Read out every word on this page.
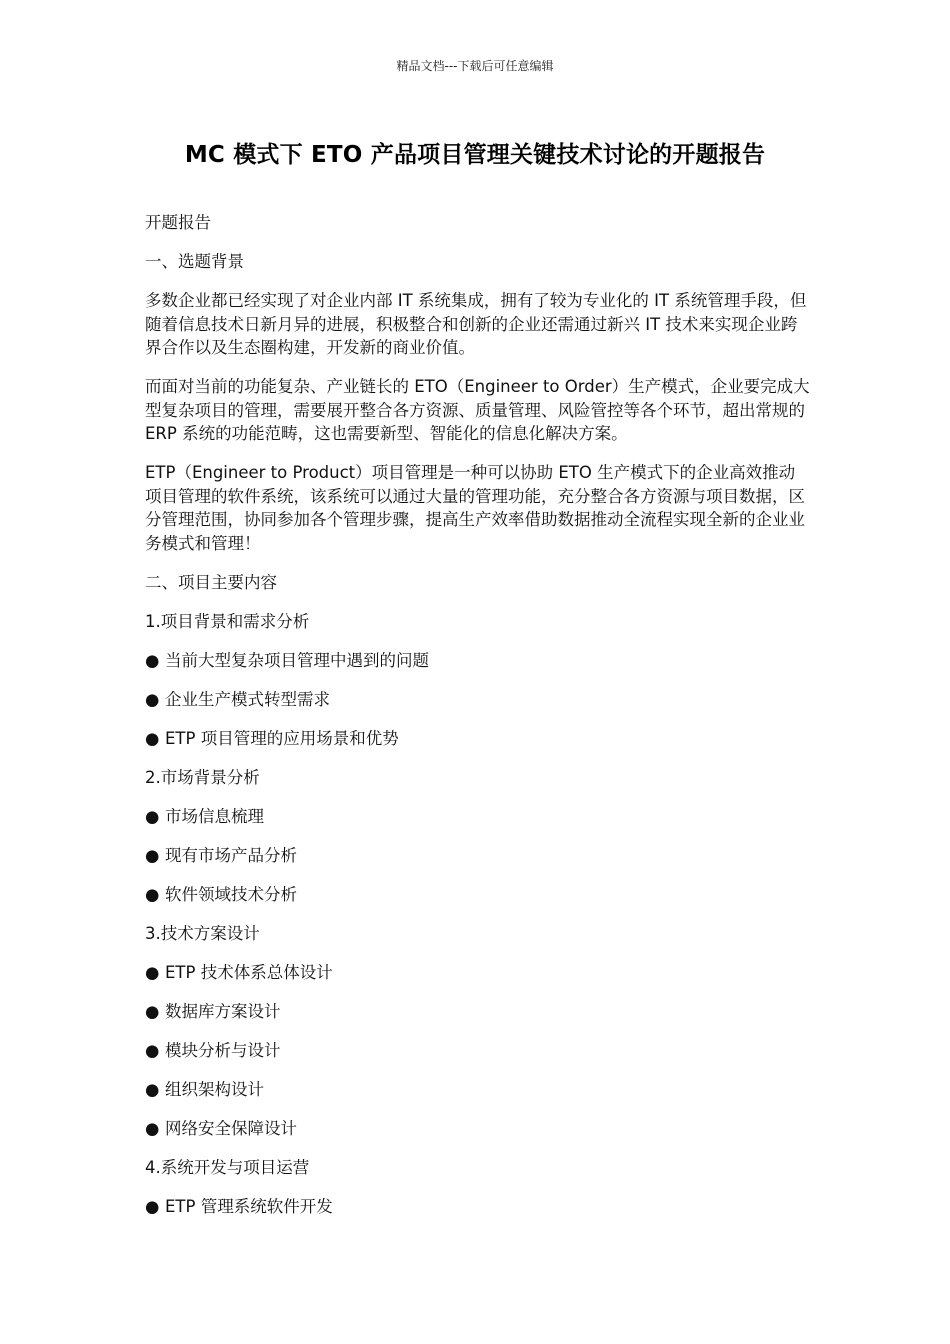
精品文档---下载后可任意编辑
MC 模式下 ETO 产品项目管理关键技术讨论的开题报告
开题报告
一、选题背景
多数企业都已经实现了对企业内部 IT 系统集成，拥有了较为专业化的 IT 系统管理手段，但随着信息技术日新月异的进展，积极整合和创新的企业还需通过新兴 IT 技术来实现企业跨界合作以及生态圈构建，开发新的商业价值。
而面对当前的功能复杂、产业链长的 ETO（Engineer to Order）生产模式，企业要完成大型复杂项目的管理，需要展开整合各方资源、质量管理、风险管控等各个环节，超出常规的 ERP 系统的功能范畴，这也需要新型、智能化的信息化解决方案。
ETP（Engineer to Product）项目管理是一种可以协助 ETO 生产模式下的企业高效推动项目管理的软件系统，该系统可以通过大量的管理功能，充分整合各方资源与项目数据，区分管理范围，协同参加各个管理步骤，提高生产效率借助数据推动全流程实现全新的企业业务模式和管理！
二、项目主要内容
1.项目背景和需求分析
● 当前大型复杂项目管理中遇到的问题
● 企业生产模式转型需求
● ETP 项目管理的应用场景和优势
2.市场背景分析
● 市场信息梳理
● 现有市场产品分析
● 软件领域技术分析
3.技术方案设计
● ETP 技术体系总体设计
● 数据库方案设计
● 模块分析与设计
● 组织架构设计
● 网络安全保障设计
4.系统开发与项目运营
● ETP 管理系统软件开发
